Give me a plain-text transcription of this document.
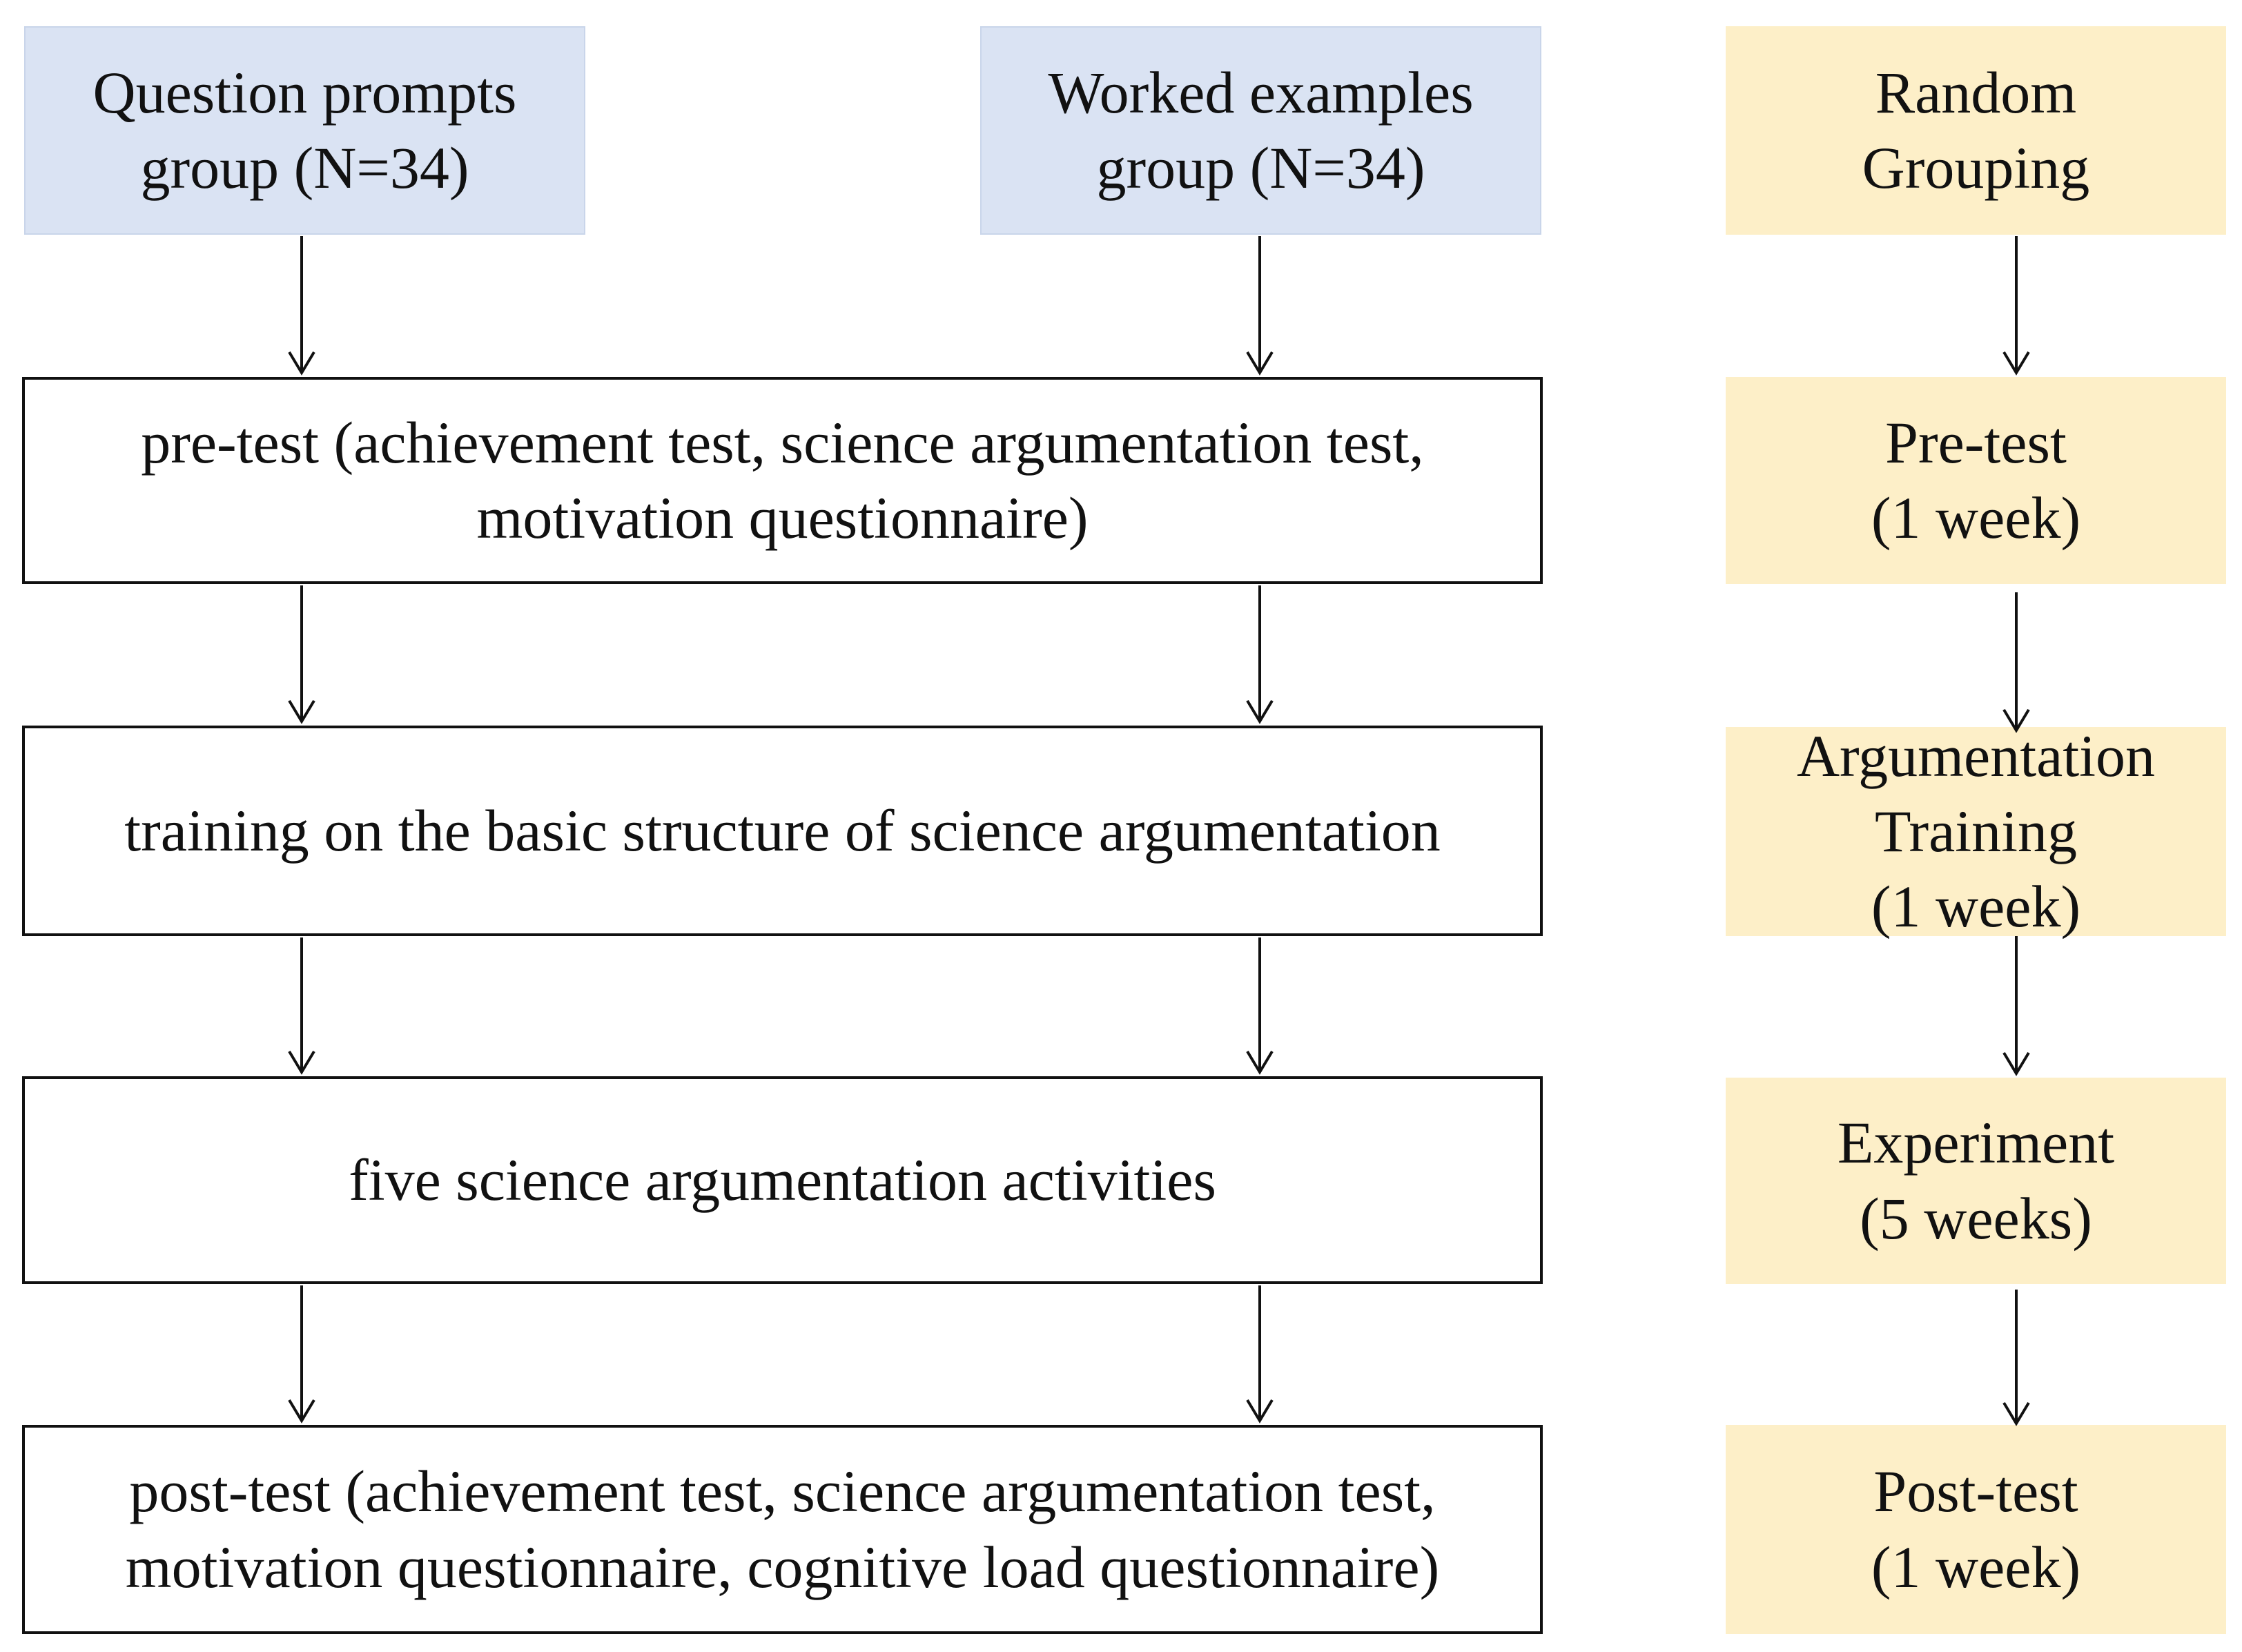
Question prompts
group (N=34)
Worked examples
group (N=34)
pre-test (achievement test, science argumentation test,
motivation questionnaire)
training on the basic structure of science argumentation
five science argumentation activities
post-test (achievement test, science argumentation test,
motivation questionnaire, cognitive load questionnaire)
Random
Grouping
Pre-test
(1 week)
Argumentation
Training
(1 week)
Experiment
(5 weeks)
Post-test
(1 week)
